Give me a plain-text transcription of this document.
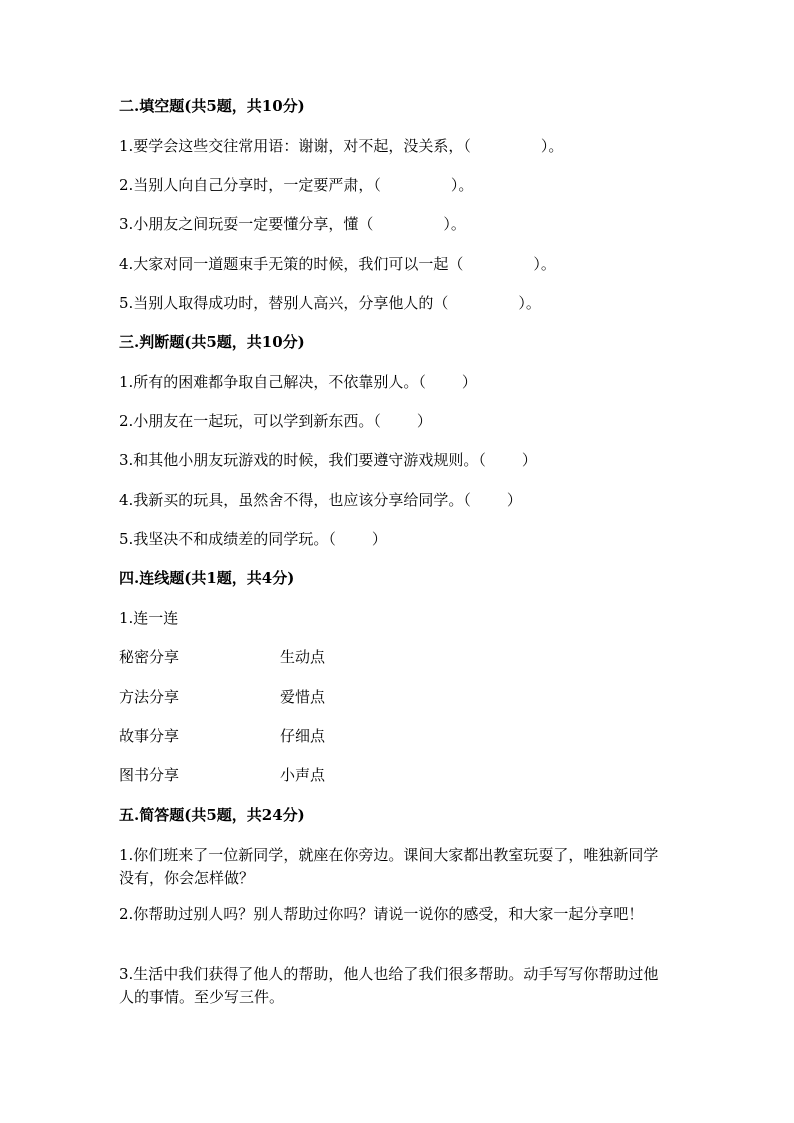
二.填空题(共5题，共10分)
1.要学会这些交往常用语：谢谢，对不起，没关系，（	）。
2.当别人向自己分享时，一定要严肃，（	）。
3.小朋友之间玩耍一定要懂分享，懂（	）。
4.大家对同一道题束手无策的时候，我们可以一起（	）。
5.当别人取得成功时，替别人高兴，分享他人的（	）。
三.判断题(共5题，共10分)
1.所有的困难都争取自己解决，不依靠别人。（ ）
2.小朋友在一起玩，可以学到新东西。（ ）
3.和其他小朋友玩游戏的时候，我们要遵守游戏规则。（ ）
4.我新买的玩具，虽然舍不得，也应该分享给同学。（ ）
5.我坚决不和成绩差的同学玩。（ ）
四.连线题(共1题，共4分)
1.连一连
秘密分享	生动点
方法分享	爱惜点
故事分享	仔细点
图书分享	小声点
五.简答题(共5题，共24分)
1.你们班来了一位新同学，就座在你旁边。课间大家都出教室玩耍了，唯独新同学没有，你会怎样做？
2.你帮助过别人吗？别人帮助过你吗？请说一说你的感受，和大家一起分享吧！
3.生活中我们获得了他人的帮助，他人也给了我们很多帮助。动手写写你帮助过他人的事情。至少写三件。
